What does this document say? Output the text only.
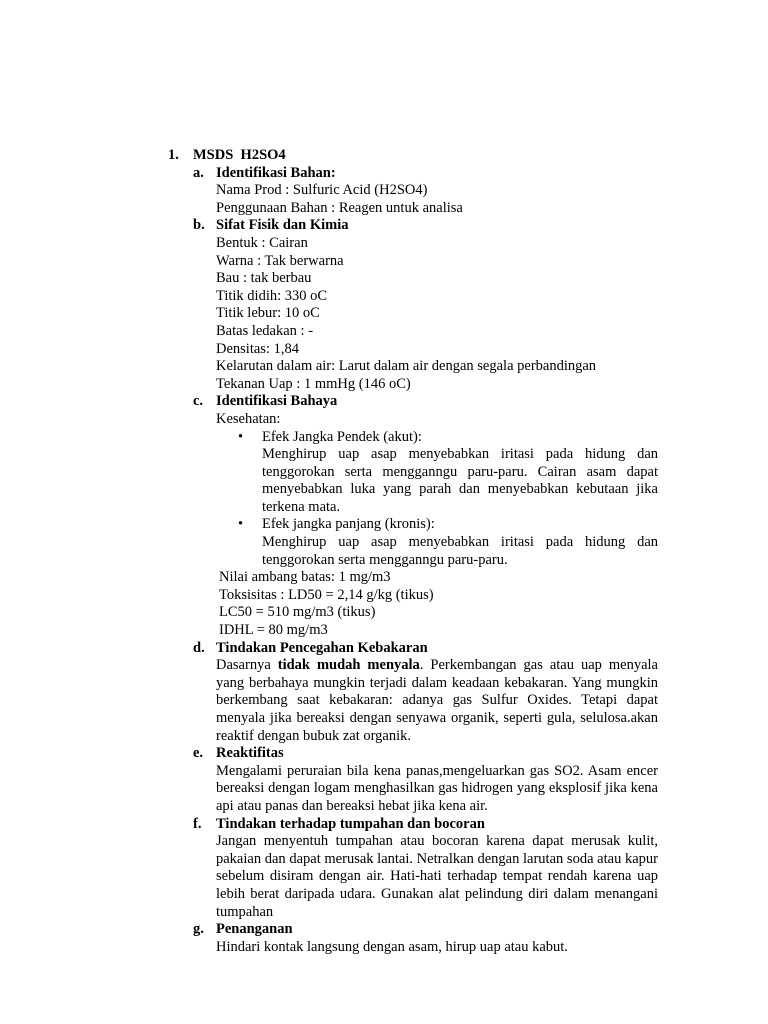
1. MSDS  H2SO4
a. Identifikasi Bahan:
Nama Prod : Sulfuric Acid (H2SO4)
Penggunaan Bahan : Reagen untuk analisa
b. Sifat Fisik dan Kimia
Bentuk : Cairan
Warna : Tak berwarna
Bau : tak berbau
Titik didih: 330 oC
Titik lebur: 10 oC
Batas ledakan : -
Densitas: 1,84
Kelarutan dalam air: Larut dalam air dengan segala perbandingan
Tekanan Uap : 1 mmHg (146 oC)
c. Identifikasi Bahaya
Kesehatan:
• Efek Jangka Pendek (akut):
Menghirup uap asap menyebabkan iritasi pada hidung dan tenggorokan serta mengganngu paru-paru. Cairan asam dapat menyebabkan luka yang parah dan menyebabkan kebutaan jika terkena mata.
• Efek jangka panjang (kronis):
Menghirup uap asap menyebabkan iritasi pada hidung dan tenggorokan serta mengganngu paru-paru.
Nilai ambang batas: 1 mg/m3
Toksisitas : LD50 = 2,14 g/kg (tikus)
LC50 = 510 mg/m3 (tikus)
IDHL = 80 mg/m3
d. Tindakan Pencegahan Kebakaran
Dasarnya tidak mudah menyala. Perkembangan gas atau uap menyala yang berbahaya mungkin terjadi dalam keadaan kebakaran. Yang mungkin berkembang saat kebakaran: adanya gas Sulfur Oxides. Tetapi dapat menyala jika bereaksi dengan senyawa organik, seperti gula, selulosa.akan reaktif dengan bubuk zat organik.
e. Reaktifitas
Mengalami peruraian bila kena panas,mengeluarkan gas SO2. Asam encer bereaksi dengan logam menghasilkan gas hidrogen yang eksplosif jika kena api atau panas dan bereaksi hebat jika kena air.
f. Tindakan terhadap tumpahan dan bocoran
Jangan menyentuh tumpahan atau bocoran karena dapat merusak kulit, pakaian dan dapat merusak lantai. Netralkan dengan larutan soda atau kapur sebelum disiram dengan air. Hati-hati terhadap tempat rendah karena uap lebih berat daripada udara. Gunakan alat pelindung diri dalam menangani tumpahan
g. Penanganan
Hindari kontak langsung dengan asam, hirup uap atau kabut.
